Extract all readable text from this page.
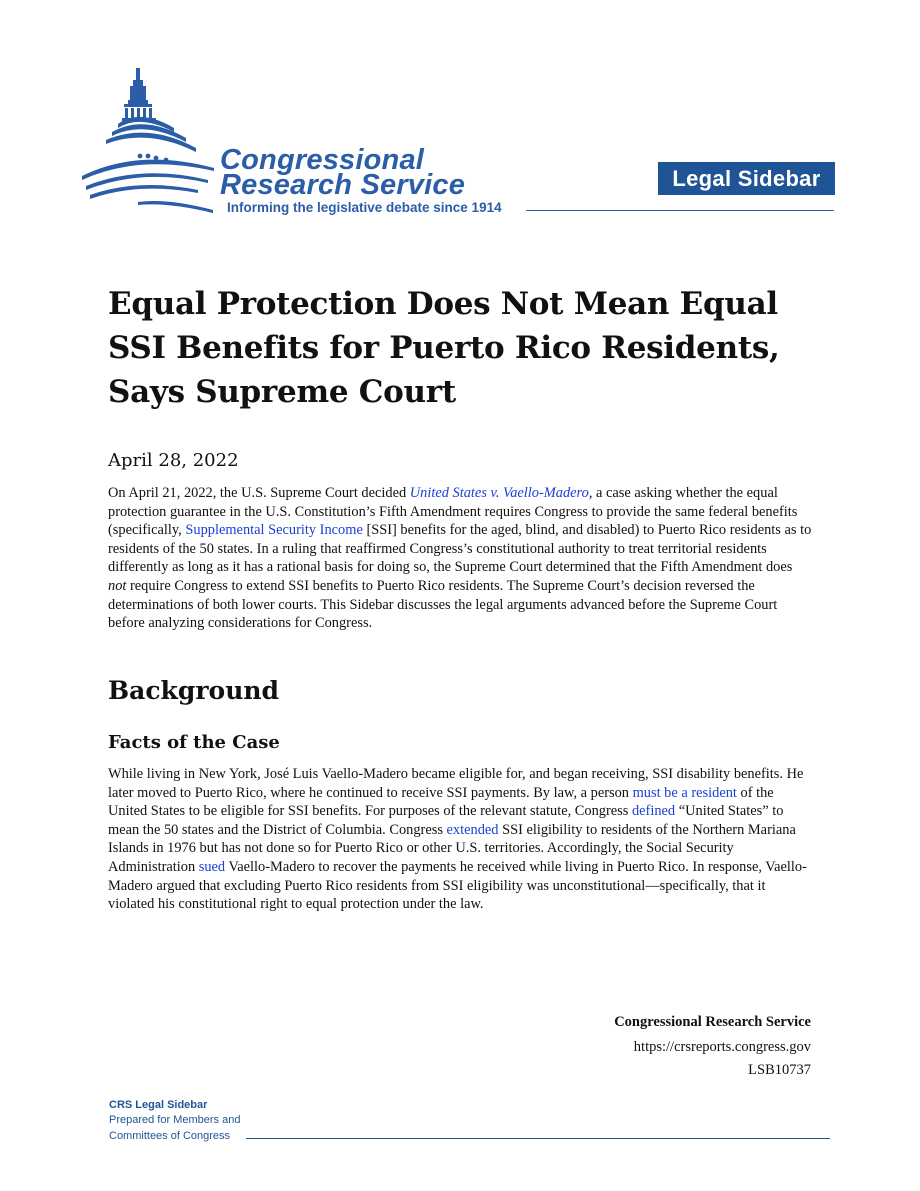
Congressional
Research Service
Informing the legislative debate since 1914
Legal Sidebar
Equal Protection Does Not Mean Equal SSI Benefits for Puerto Rico Residents, Says Supreme Court
April 28, 2022

On April 21, 2022, the U.S. Supreme Court decided United States v. Vaello-Madero, a case asking whether the equal protection guarantee in the U.S. Constitution’s Fifth Amendment requires Congress to provide the same federal benefits (specifically, Supplemental Security Income [SSI] benefits for the aged, blind, and disabled) to Puerto Rico residents as to residents of the 50 states. In a ruling that reaffirmed Congress’s constitutional authority to treat territorial residents differently as long as it has a rational basis for doing so, the Supreme Court determined that the Fifth Amendment does not require Congress to extend SSI benefits to Puerto Rico residents. The Supreme Court’s decision reversed the determinations of both lower courts. This Sidebar discusses the legal arguments advanced before the Supreme Court before analyzing considerations for Congress.

Background
Facts of the Case

While living in New York, José Luis Vaello-Madero became eligible for, and began receiving, SSI disability benefits. He later moved to Puerto Rico, where he continued to receive SSI payments. By law, a person must be a resident of the United States to be eligible for SSI benefits. For purposes of the relevant statute, Congress defined “United States” to mean the 50 states and the District of Columbia. Congress extended SSI eligibility to residents of the Northern Mariana Islands in 1976 but has not done so for Puerto Rico or other U.S. territories. Accordingly, the Social Security Administration sued Vaello-Madero to recover the payments he received while living in Puerto Rico. In response, Vaello-Madero argued that excluding Puerto Rico residents from SSI eligibility was unconstitutional—specifically, that it violated his constitutional right to equal protection under the law.

Congressional Research Service
https://crsreports.congress.gov
LSB10737
CRS Legal Sidebar
Prepared for Members and
Committees of Congress
